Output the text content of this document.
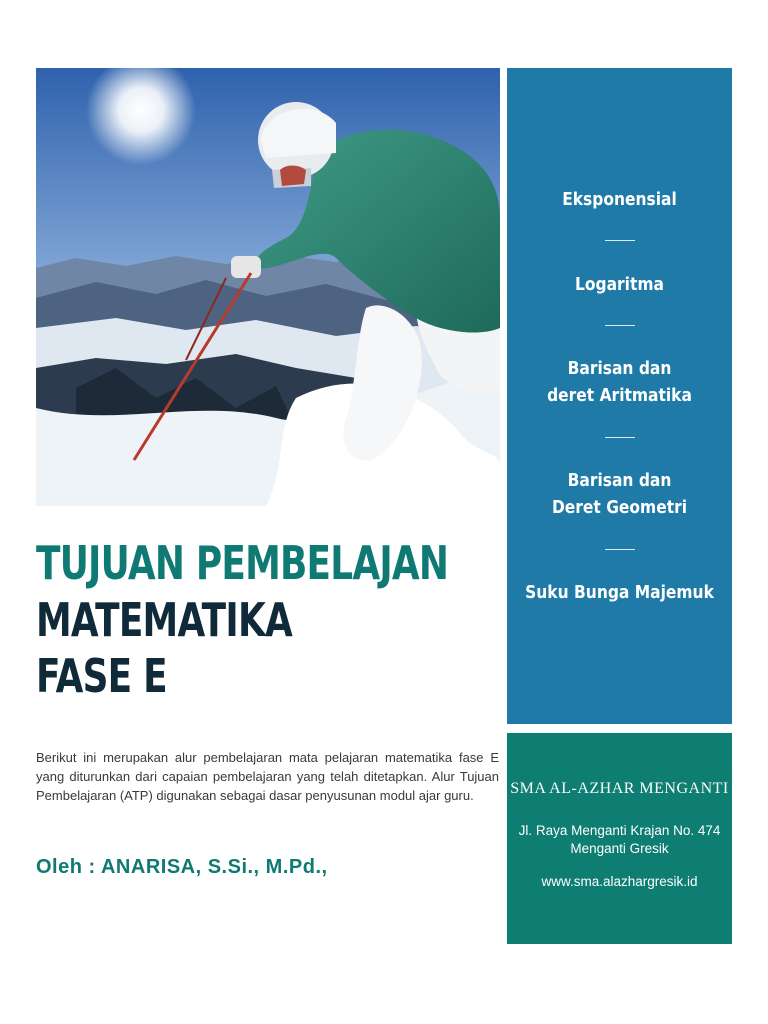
TUJUAN PEMBELAJAN
MATEMATIKA
FASE E
Berikut ini merupakan alur pembelajaran mata pelajaran matematika fase E yang diturunkan dari capaian pembelajaran yang telah ditetapkan. Alur Tujuan Pembelajaran (ATP) digunakan sebagai dasar penyusunan modul ajar guru.
Oleh : ANARISA, S.Si., M.Pd.,
Eksponensial
Logaritma
Barisan dan deret Aritmatika
Barisan dan Deret Geometri
Suku Bunga Majemuk
SMA AL-AZHAR MENGANTI
Jl. Raya Menganti Krajan No. 474 Menganti Gresik
www.sma.alazhargresik.id
